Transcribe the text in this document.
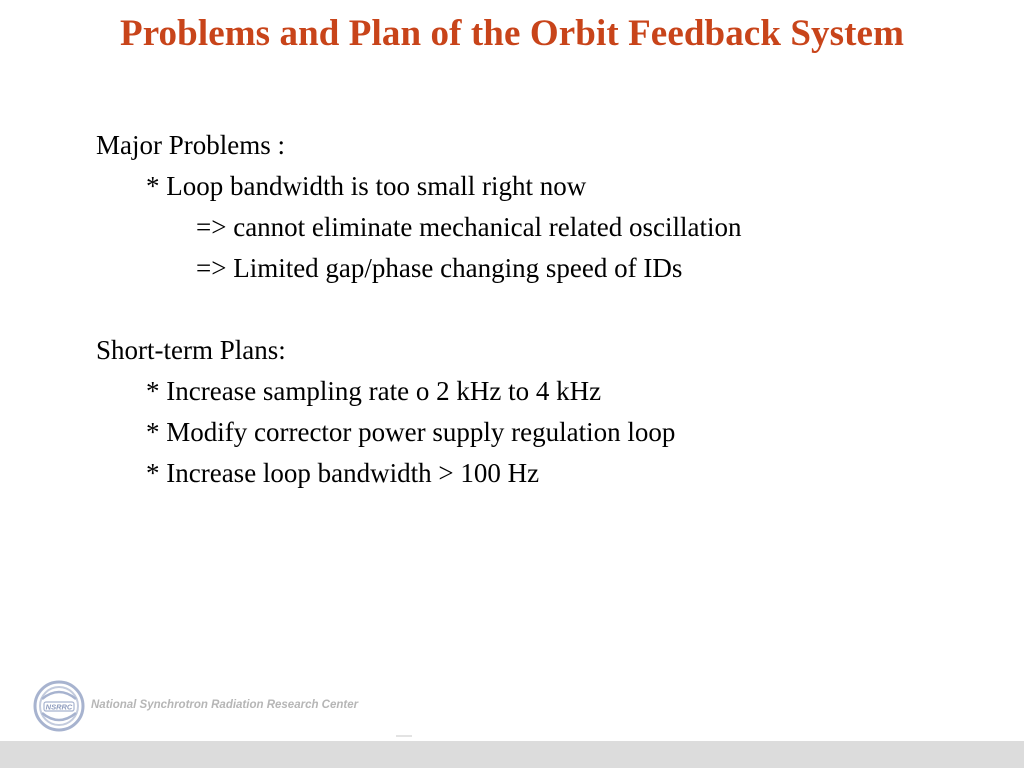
Problems and Plan of the Orbit Feedback System
Major Problems :
* Loop bandwidth is too small right now
=> cannot eliminate mechanical related oscillation
=> Limited gap/phase changing speed of IDs
Short-term Plans:
* Increase sampling rate o 2 kHz to 4 kHz
* Modify corrector power supply regulation loop
* Increase loop bandwidth > 100 Hz
NSRRC National Synchrotron Radiation Research Center
